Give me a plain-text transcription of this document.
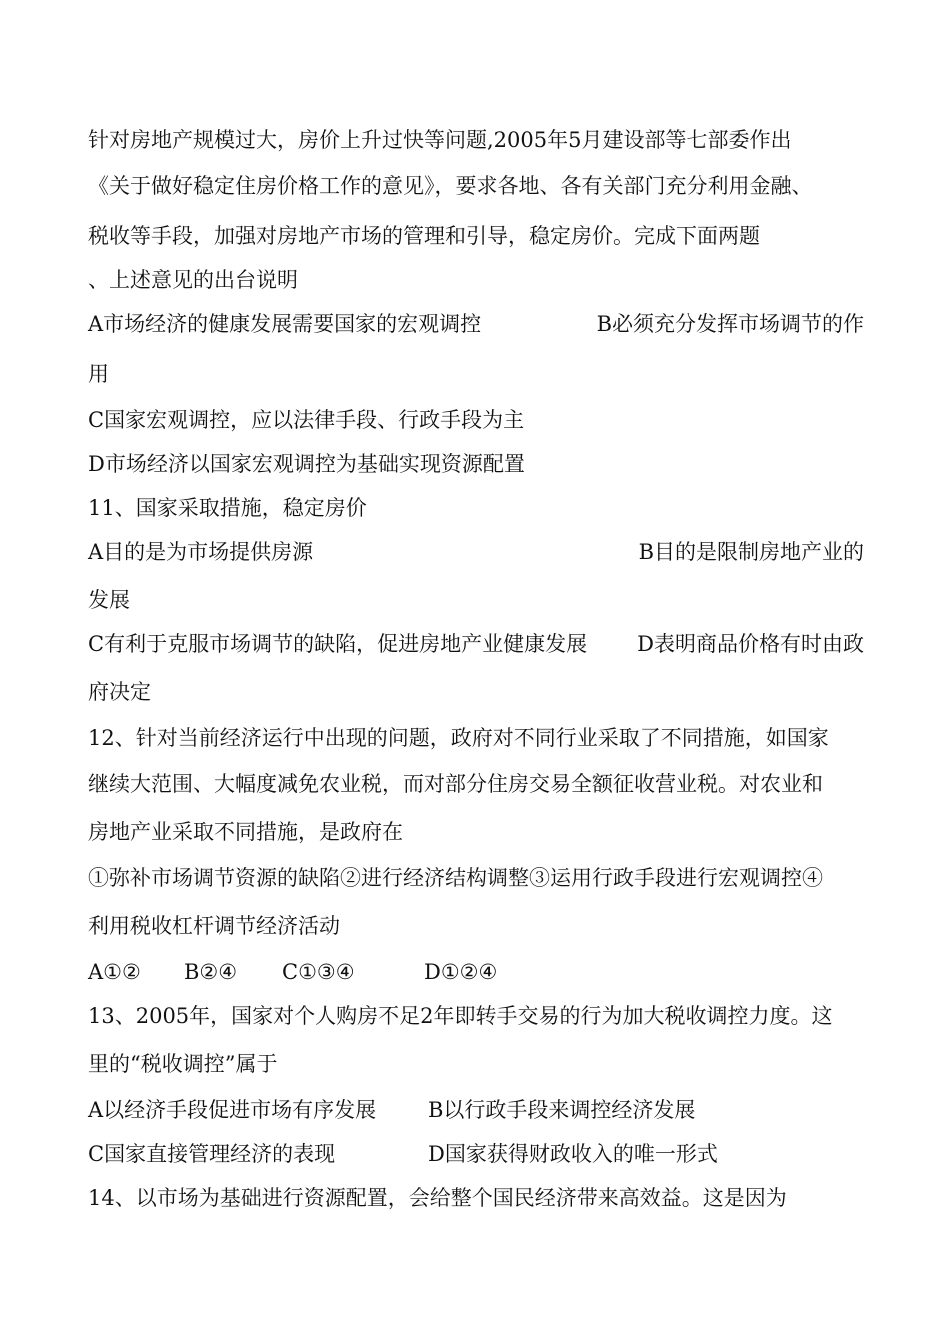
针对房地产规模过大，房价上升过快等问题,2005年5月建设部等七部委作出
《关于做好稳定住房价格工作的意见》，要求各地、各有关部门充分利用金融、
税收等手段，加强对房地产市场的管理和引导，稳定房价。完成下面两题
、上述意见的出台说明
A市场经济的健康发展需要国家的宏观调控	B必须充分发挥市场调节的作
用
C国家宏观调控，应以法律手段、行政手段为主
D市场经济以国家宏观调控为基础实现资源配置
11、国家采取措施，稳定房价
A目的是为市场提供房源	B目的是限制房地产业的
发展
C有利于克服市场调节的缺陷，促进房地产业健康发展 D表明商品价格有时由政
府决定
12、针对当前经济运行中出现的问题，政府对不同行业采取了不同措施，如国家
继续大范围、大幅度减免农业税，而对部分住房交易全额征收营业税。对农业和
房地产业采取不同措施，是政府在
①弥补市场调节资源的缺陷②进行经济结构调整③运用行政手段进行宏观调控④
利用税收杠杆调节经济活动
A①② B②④ C①③④	D①②④
13、2005年，国家对个人购房不足2年即转手交易的行为加大税收调控力度。这
里的“税收调控”属于
A以经济手段促进市场有序发展 B以行政手段来调控经济发展
C国家直接管理经济的表现	D国家获得财政收入的唯一形式
14、以市场为基础进行资源配置，会给整个国民经济带来高效益。这是因为
